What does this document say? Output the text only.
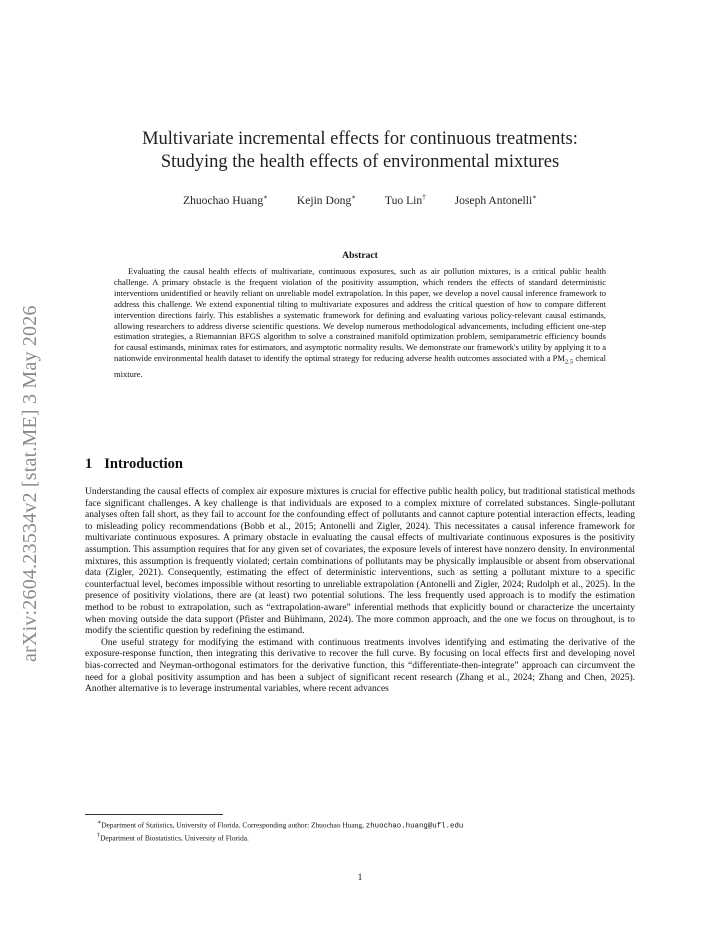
arXiv:2604.23534v2 [stat.ME] 3 May 2026
Multivariate incremental effects for continuous treatments:
Studying the health effects of environmental mixtures
Zhuochao Huang∗ Kejin Dong∗ Tuo Lin† Joseph Antonelli∗
Abstract

Evaluating the causal health effects of multivariate, continuous exposures, such as air pollution mixtures, is a critical public health challenge. A primary obstacle is the frequent violation of the positivity assumption, which renders the effects of standard deterministic interventions unidentified or heavily reliant on unreliable model extrapolation. In this paper, we develop a novel causal inference framework to address this challenge. We extend exponential tilting to multivariate exposures and address the critical question of how to compare different intervention directions fairly. This establishes a systematic framework for defining and evaluating various policy-relevant causal estimands, allowing researchers to address diverse scientific questions. We develop numerous methodological advancements, including efficient one-step estimation strategies, a Riemannian BFGS algorithm to solve a constrained manifold optimization problem, semiparametric efficiency bounds for causal estimands, minimax rates for estimators, and asymptotic normality results. We demonstrate our framework's utility by applying it to a nationwide environmental health dataset to identify the optimal strategy for reducing adverse health outcomes associated with a $PM_{2.5}$ chemical mixture.

1 Introduction

Understanding the causal effects of complex air exposure mixtures is crucial for effective public health policy, but traditional statistical methods face significant challenges. A key challenge is that individuals are exposed to a complex mixture of correlated substances. Single-pollutant analyses often fall short, as they fail to account for the confounding effect of pollutants and cannot capture potential interaction effects, leading to misleading policy recommendations (Bobb et al., 2015; Antonelli and Zigler, 2024). This necessitates a causal inference framework for multivariate continuous exposures. A primary obstacle in evaluating the causal effects of multivariate continuous exposures is the positivity assumption. This assumption requires that for any given set of covariates, the exposure levels of interest have nonzero density. In environmental mixtures, this assumption is frequently violated; certain combinations of pollutants may be physically implausible or absent from observational data (Zigler, 2021). Consequently, estimating the effect of deterministic interventions, such as setting a pollutant mixture to a specific counterfactual level, becomes impossible without resorting to unreliable extrapolation (Antonelli and Zigler, 2024; Rudolph et al., 2025). In the presence of positivity violations, there are (at least) two potential solutions. The less frequently used approach is to modify the estimation method to be robust to extrapolation, such as “extrapolation-aware” inferential methods that explicitly bound or characterize the uncertainty when moving outside the data support (Pfister and Bühlmann, 2024). The more common approach, and the one we focus on throughout, is to modify the scientific question by redefining the estimand.

One useful strategy for modifying the estimand with continuous treatments involves identifying and estimating the derivative of the exposure-response function, then integrating this derivative to recover the full curve. By focusing on local effects first and developing novel bias-corrected and Neyman-orthogonal estimators for the derivative function, this “differentiate-then-integrate” approach can circumvent the need for a global positivity assumption and has been a subject of significant recent research (Zhang et al., 2024; Zhang and Chen, 2025). Another alternative is to leverage instrumental variables, where recent advances

∗Department of Statistics, University of Florida. Corresponding author: Zhuochao Huang, zhuochao.huang@ufl.edu
†Department of Biostatistics, University of Florida.
1
